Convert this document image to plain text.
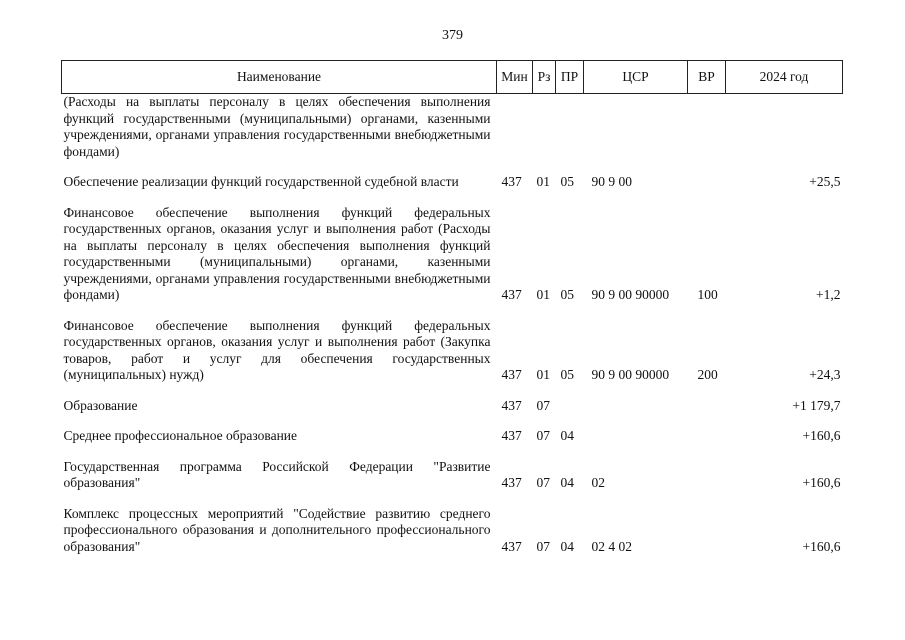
379
Наименование	Мин	Рз	ПР	ЦСР	ВР	2024 год
(Расходы на выплаты персоналу в целях обеспечения выполнения функций государственными (муниципальными) органами, казенными учреждениями, органами управления государственными внебюджетными фондами)						

Обеспечение реализации функций государственной судебной власти	437	01	05	90 9 00		+25,5

Финансовое обеспечение выполнения функций федеральных государственных органов, оказания услуг и выполнения работ (Расходы на выплаты персоналу в целях обеспечения выполнения функций государственными (муниципальными) органами, казенными учреждениями, органами управления государственными внебюджетными фондами)	437	01	05	90 9 00 90000	100	+1,2

Финансовое обеспечение выполнения функций федеральных государственных органов, оказания услуг и выполнения работ (Закупка товаров, работ и услуг для обеспечения государственных (муниципальных) нужд)	437	01	05	90 9 00 90000	200	+24,3

Образование	437	07				+1 179,7

Среднее профессиональное образование	437	07	04			+160,6

Государственная программа Российской Федерации "Развитие образования"	437	07	04	02		+160,6

Комплекс процессных мероприятий "Содействие развитию среднего профессионального образования и дополнительного профессионального образования"	437	07	04	02 4 02		+160,6
